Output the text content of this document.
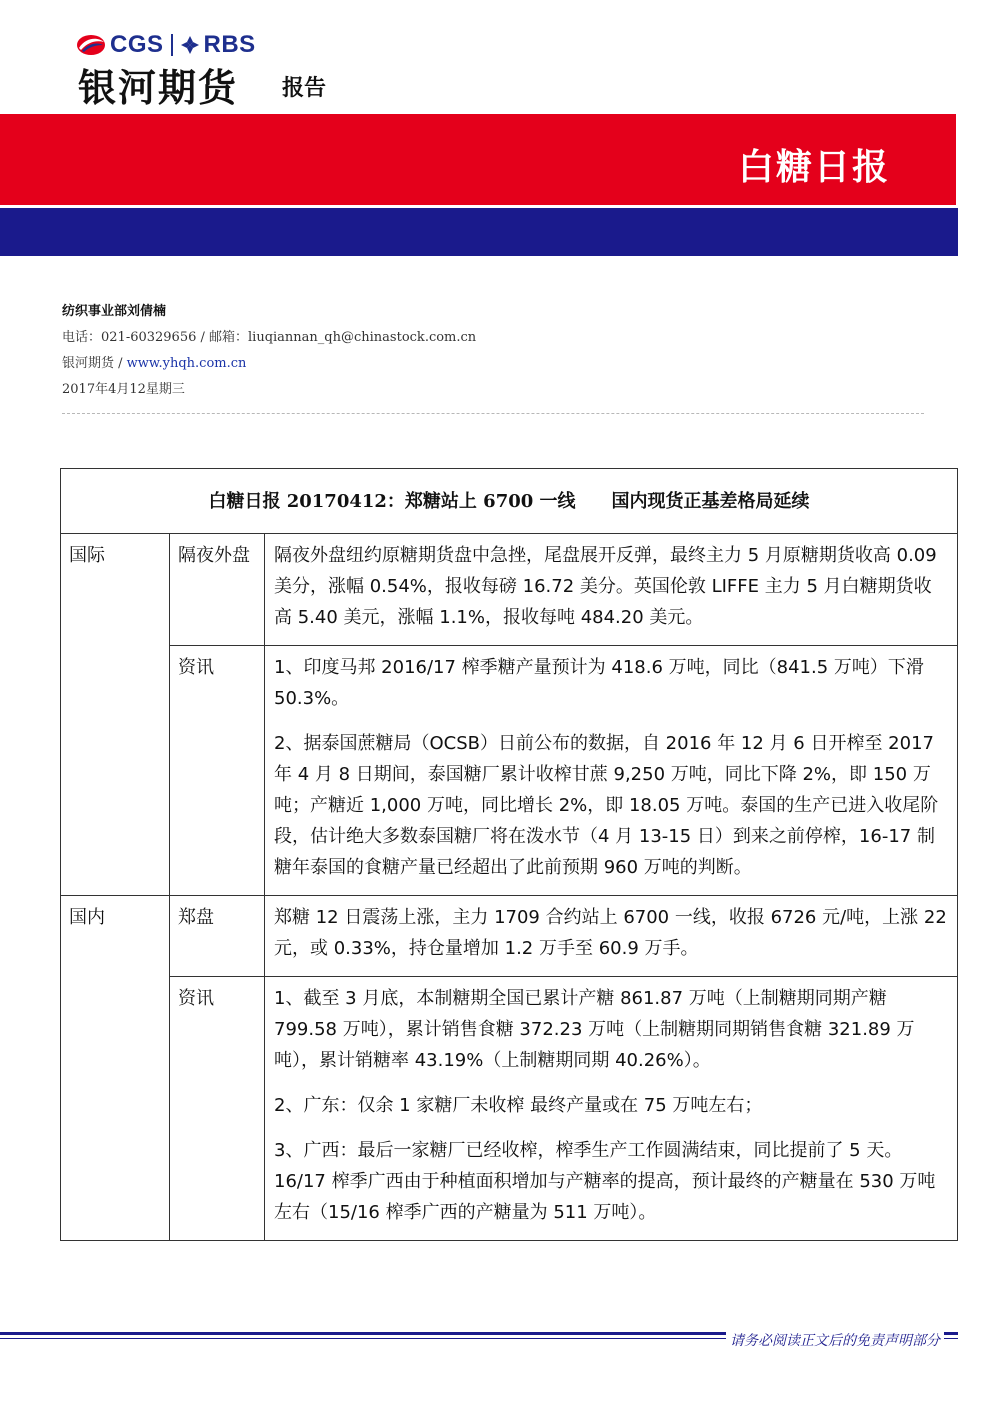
CGS RBS
银河期货 报告
白糖日报
纺织事业部刘倩楠
电话：021-60329656 / 邮箱：liuqiannan_qh@chinastock.com.cn
银河期货 / www.yhqh.com.cn
2017年4月12星期三
白糖日报 20170412：郑糖站上 6700 一线 国内现货正基差格局延续		
国际	隔夜外盘	隔夜外盘纽约原糖期货盘中急挫，尾盘展开反弹，最终主力 5 月原糖期货收高 0.09 美分，涨幅 0.54%，报收每磅 16.72 美分。英国伦敦 LIFFE 主力 5 月白糖期货收高 5.40 美元，涨幅 1.1%，报收每吨 484.20 美元。

	资讯	1、印度马邦 2016/17 榨季糖产量预计为 418.6 万吨，同比（841.5 万吨）下滑 50.3%。

2、据泰国蔗糖局（OCSB）日前公布的数据，自 2016 年 12 月 6 日开榨至 2017 年 4 月 8 日期间，泰国糖厂累计收榨甘蔗 9,250 万吨，同比下降 2%，即 150 万吨；产糖近 1,000 万吨，同比增长 2%，即 18.05 万吨。泰国的生产已进入收尾阶段，估计绝大多数泰国糖厂将在泼水节（4 月 13-15 日）到来之前停榨，16-17 制糖年泰国的食糖产量已经超出了此前预期 960 万吨的判断。

国内	郑盘	郑糖 12 日震荡上涨，主力 1709 合约站上 6700 一线，收报 6726 元/吨，上涨 22 元，或 0.33%，持仓量增加 1.2 万手至 60.9 万手。

	资讯	1、截至 3 月底，本制糖期全国已累计产糖 861.87 万吨（上制糖期同期产糖 799.58 万吨），累计销售食糖 372.23 万吨（上制糖期同期销售食糖 321.89 万吨），累计销糖率 43.19%（上制糖期同期 40.26%）。

2、广东：仅余 1 家糖厂未收榨 最终产量或在 75 万吨左右；

3、广西：最后一家糖厂已经收榨，榨季生产工作圆满结束，同比提前了 5 天。16/17 榨季广西由于种植面积增加与产糖率的提高，预计最终的产糖量在 530 万吨左右（15/16 榨季广西的产糖量为 511 万吨）。

请务必阅读正文后的免责声明部分
